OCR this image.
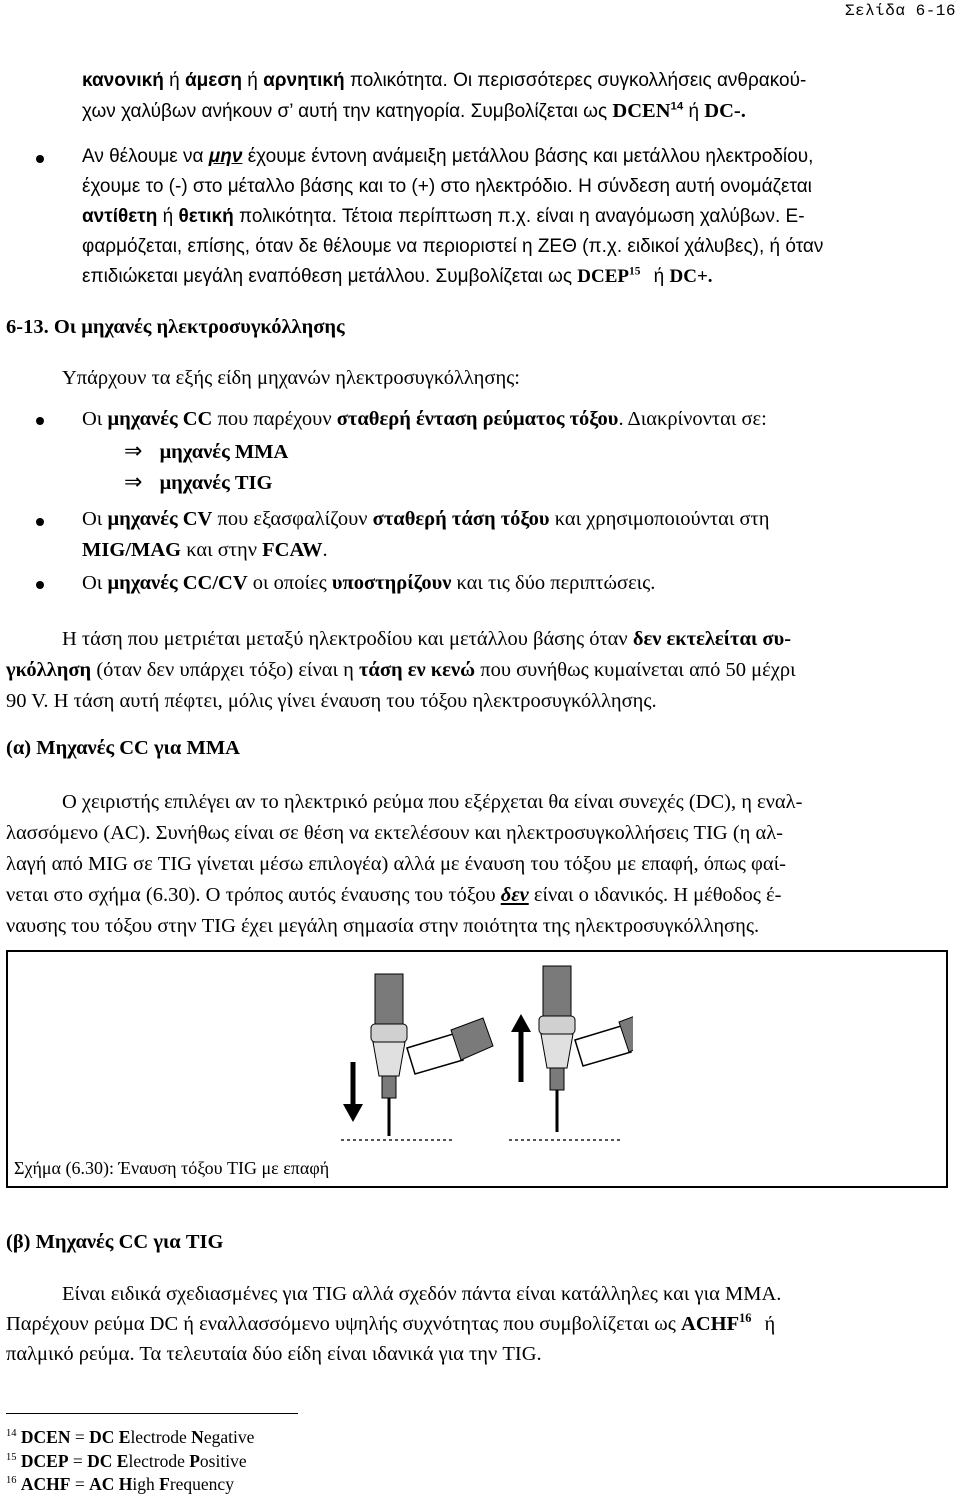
Σελίδα 6-16
κανονική ή άμεση ή αρνητική πολικότητα. Οι περισσότερες συγκολλήσεις ανθρακού-
χων χαλύβων ανήκουν σ’ αυτή την κατηγορία. Συμβολίζεται ως DCEN$^{14}$ ή DC-.
Αν θέλουμε να μην έχουμε έντονη ανάμειξη μετάλλου βάσης και μετάλλου ηλεκτροδίου,
έχουμε το (-) στο μέταλλο βάσης και το (+) στο ηλεκτρόδιο. Η σύνδεση αυτή ονομάζεται
αντίθετη ή θετική πολικότητα. Τέτοια περίπτωση π.χ. είναι η αναγόμωση χαλύβων. Ε-
φαρμόζεται, επίσης, όταν δε θέλουμε να περιοριστεί η ΖΕΘ (π.χ. ειδικοί χάλυβες), ή όταν
επιδιώκεται μεγάλη εναπόθεση μετάλλου. Συμβολίζεται ως DCEP$^{15}$ ή DC+.
6-13. Οι μηχανές ηλεκτροσυγκόλλησης
Υπάρχουν τα εξής είδη μηχανών ηλεκτροσυγκόλλησης:
Οι μηχανές CC που παρέχουν σταθερή ένταση ρεύματος τόξου. Διακρίνονται σε:
⇒ μηχανές MMA
⇒ μηχανές TIG
Οι μηχανές CV που εξασφαλίζουν σταθερή τάση τόξου και χρησιμοποιούνται στη
MIG/MAG και στην FCAW.
Οι μηχανές CC/CV οι οποίες υποστηρίζουν και τις δύο περιπτώσεις.
Η τάση που μετριέται μεταξύ ηλεκτροδίου και μετάλλου βάσης όταν δεν εκτελείται συ-
γκόλληση (όταν δεν υπάρχει τόξο) είναι η τάση εν κενώ που συνήθως κυμαίνεται από 50 μέχρι
90 V. Η τάση αυτή πέφτει, μόλις γίνει έναυση του τόξου ηλεκτροσυγκόλλησης.
(α) Μηχανές CC για MMA
Ο χειριστής επιλέγει αν το ηλεκτρικό ρεύμα που εξέρχεται θα είναι συνεχές (DC), η εναλ-
λασσόμενο (AC). Συνήθως είναι σε θέση να εκτελέσουν και ηλεκτροσυγκολλήσεις TIG (η αλ-
λαγή από MIG σε TIG γίνεται μέσω επιλογέα) αλλά με έναυση του τόξου με επαφή, όπως φαί-
νεται στο σχήμα (6.30). Ο τρόπος αυτός έναυσης του τόξου δεν είναι ο ιδανικός. Η μέθοδος έ-
ναυσης του τόξου στην TIG έχει μεγάλη σημασία στην ποιότητα της ηλεκτροσυγκόλλησης.
Σχήμα (6.30): Έναυση τόξου TIG με επαφή
(β) Μηχανές CC για TIG
Είναι ειδικά σχεδιασμένες για TIG αλλά σχεδόν πάντα είναι κατάλληλες και για MMA.
Παρέχουν ρεύμα DC ή εναλλασσόμενο υψηλής συχνότητας που συμβολίζεται ως ACHF$^{16}$ ή
παλμικό ρεύμα. Τα τελευταία δύο είδη είναι ιδανικά για την TIG.
$^{14}$ DCEN = DC Electrode Negative
$^{15}$ DCEP = DC Electrode Positive
$^{16}$ ACHF = AC High Frequency
